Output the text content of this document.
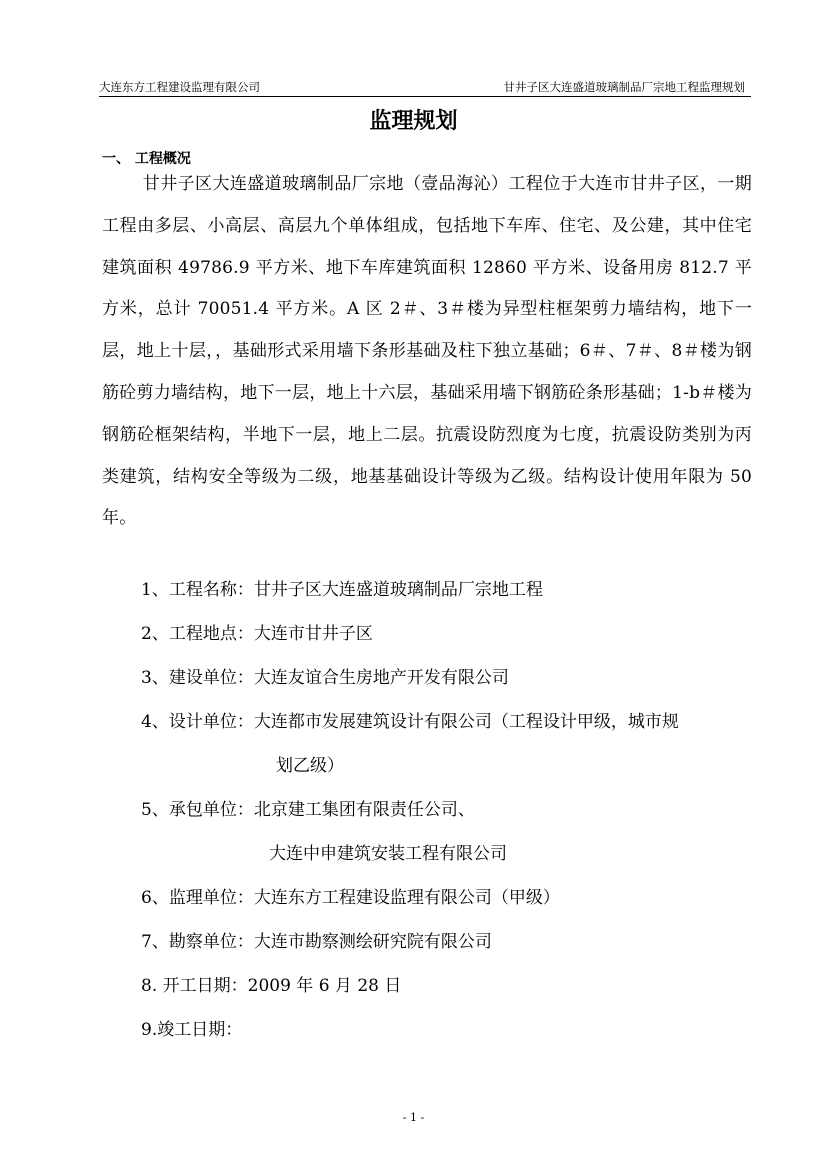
大连东方工程建设监理有限公司	甘井子区大连盛道玻璃制品厂宗地工程监理规划
监理规划
一、 工程概况

甘井子区大连盛道玻璃制品厂宗地（壹品海沁）工程位于大连市甘井子区，一期工程由多层、小高层、高层九个单体组成，包括地下车库、住宅、及公建，其中住宅建筑面积 49786.9 平方米、地下车库建筑面积 12860 平方米、设备用房 812.7 平方米，总计 70051.4 平方米。A 区 2＃、3＃楼为异型柱框架剪力墙结构，地下一层，地上十层，，基础形式采用墙下条形基础及柱下独立基础；6＃、7＃、8＃楼为钢筋砼剪力墙结构，地下一层，地上十六层，基础采用墙下钢筋砼条形基础；1-b＃楼为钢筋砼框架结构，半地下一层，地上二层。抗震设防烈度为七度，抗震设防类别为丙类建筑，结构安全等级为二级，地基基础设计等级为乙级。结构设计使用年限为 50 年。

1、工程名称：甘井子区大连盛道玻璃制品厂宗地工程
2、工程地点：大连市甘井子区
3、建设单位：大连友谊合生房地产开发有限公司
4、设计单位：大连都市发展建筑设计有限公司（工程设计甲级，城市规
划乙级）
5、承包单位：北京建工集团有限责任公司、
大连中申建筑安装工程有限公司
6、监理单位：大连东方工程建设监理有限公司（甲级）
7、勘察单位：大连市勘察测绘研究院有限公司
8. 开工日期：2009 年 6 月 28 日
9.竣工日期：
- 1 -
